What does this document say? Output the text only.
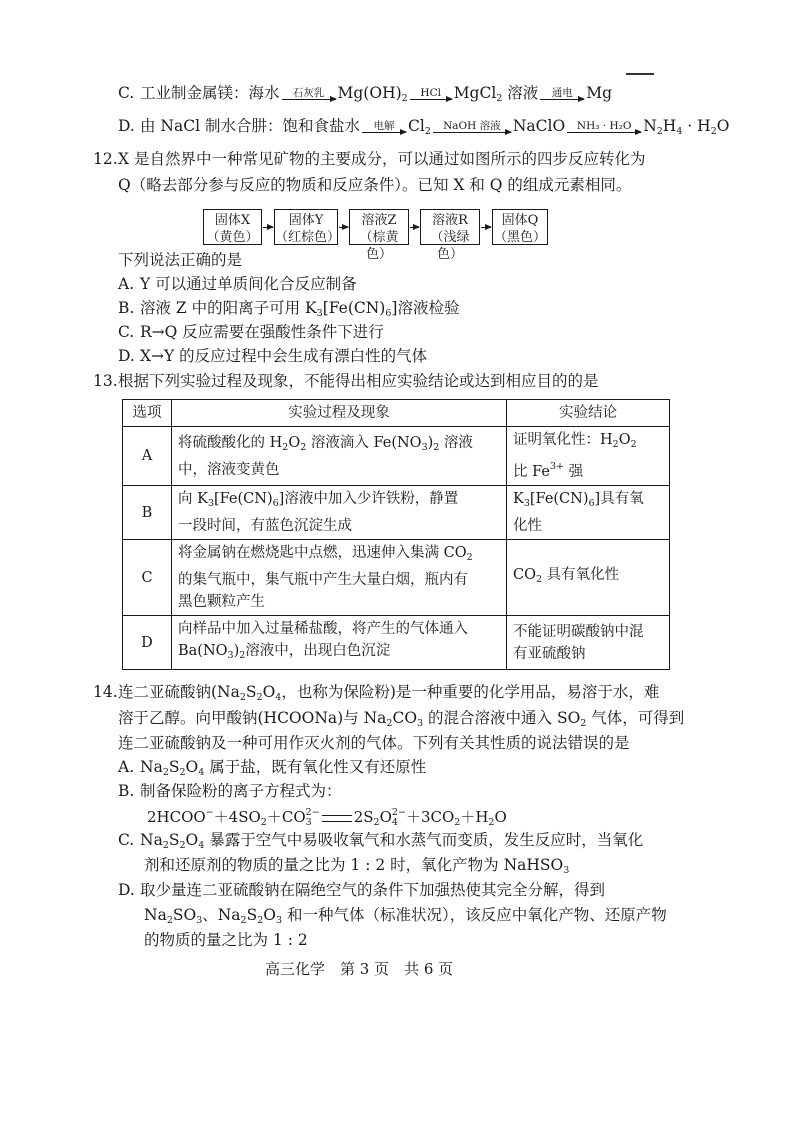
C. 工业制金属镁：海水	石灰乳 $Mg(OH)_2$	HCl MgCl$_2$ 溶液	通电 Mg
D. 由 NaCl 制水合肼：饱和食盐水	电解 $Cl_2$	NaOH 溶液 NaClO	NH₃ · H₂O $N_2H_4 \cdot H_2O$
12.X 是自然界中一种常见矿物的主要成分，可以通过如图所示的四步反应转化为
Q（略去部分参与反应的物质和反应条件）。已知 X 和 Q 的组成元素相同。
固体X
（黄色）
固体Y
（红棕色）
溶液Z
（棕黄色）
溶液R
（浅绿色）
固体Q
（黑色）
下列说法正确的是
A. Y 可以通过单质间化合反应制备
B. 溶液 Z 中的阳离子可用 $K_3[Fe(CN)_6]$溶液检验
C. R→Q 反应需要在强酸性条件下进行
D. X→Y 的反应过程中会生成有漂白性的气体
13.根据下列实验过程及现象，不能得出相应实验结论或达到相应目的的是
选项	实验过程及现象	实验结论
A	将硫酸酸化的 $H_2O_2$ 溶液滴入 $Fe(NO_3)_2$ 溶液
中，溶液变黄色	证明氧化性：$H_2O_2$
比 $Fe^{3+}$ 强
B	向 $K_3[Fe(CN)_6]$溶液中加入少许铁粉，静置
一段时间，有蓝色沉淀生成	$K_3[Fe(CN)_6]$具有氧
化性
C	将金属钠在燃烧匙中点燃，迅速伸入集满 $CO_2$
的集气瓶中，集气瓶中产生大量白烟，瓶内有
黑色颗粒产生	$CO_2$ 具有氧化性
D	向样品中加入过量稀盐酸，将产生的气体通入
$Ba(NO_3)_2$溶液中，出现白色沉淀	不能证明碳酸钠中混
有亚硫酸钠
14.连二亚硫酸钠($Na_2S_2O_4$，也称为保险粉)是一种重要的化学用品，易溶于水，难
溶于乙醇。向甲酸钠(HCOONa)与 $Na_2CO_3$ 的混合溶液中通入 $SO_2$ 气体，可得到
连二亚硫酸钠及一种可用作灭火剂的气体。下列有关其性质的说法错误的是
A. $Na_2S_2O_4$ 属于盐，既有氧化性又有还原性
B. 制备保险粉的离子方程式为：
$2HCOO^-+4SO_2+CO_3^{2-}$ $2S_2O_4^{2-}+3CO_2+H_2O$
C. $Na_2S_2O_4$ 暴露于空气中易吸收氧气和水蒸气而变质，发生反应时，当氧化
剂和还原剂的物质的量之比为 1 : 2 时，氧化产物为 NaHSO$_3$
D. 取少量连二亚硫酸钠在隔绝空气的条件下加强热使其完全分解，得到
$Na_2SO_3$、$Na_2S_2O_3$ 和一种气体（标准状况），该反应中氧化产物、还原产物
的物质的量之比为 1 : 2
高三化学　第 3 页　共 6 页
